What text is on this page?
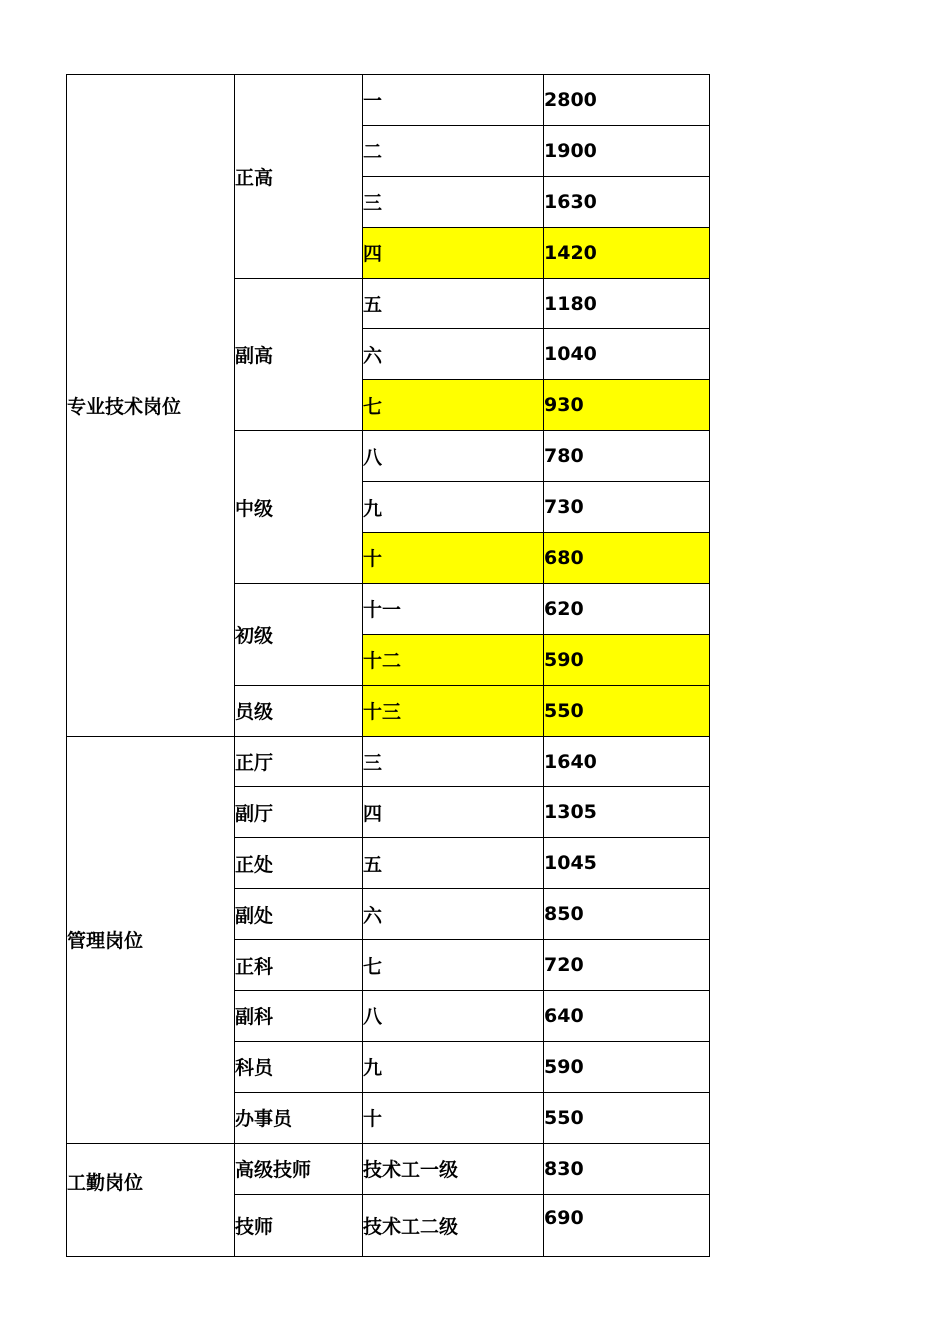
专业技术岗位	正高	一	2800
		二	1900
		三	1630
		四	1420
	副高	五	1180
		六	1040
		七	930
	中级	八	780
		九	730
		十	680
	初级	十一	620
		十二	590
	员级	十三	550
管理岗位	正厅	三	1640
	副厅	四	1305
	正处	五	1045
	副处	六	850
	正科	七	720
	副科	八	640
	科员	九	590
	办事员	十	550
工勤岗位	高级技师	技术工一级	830
	技师	技术工二级	690
